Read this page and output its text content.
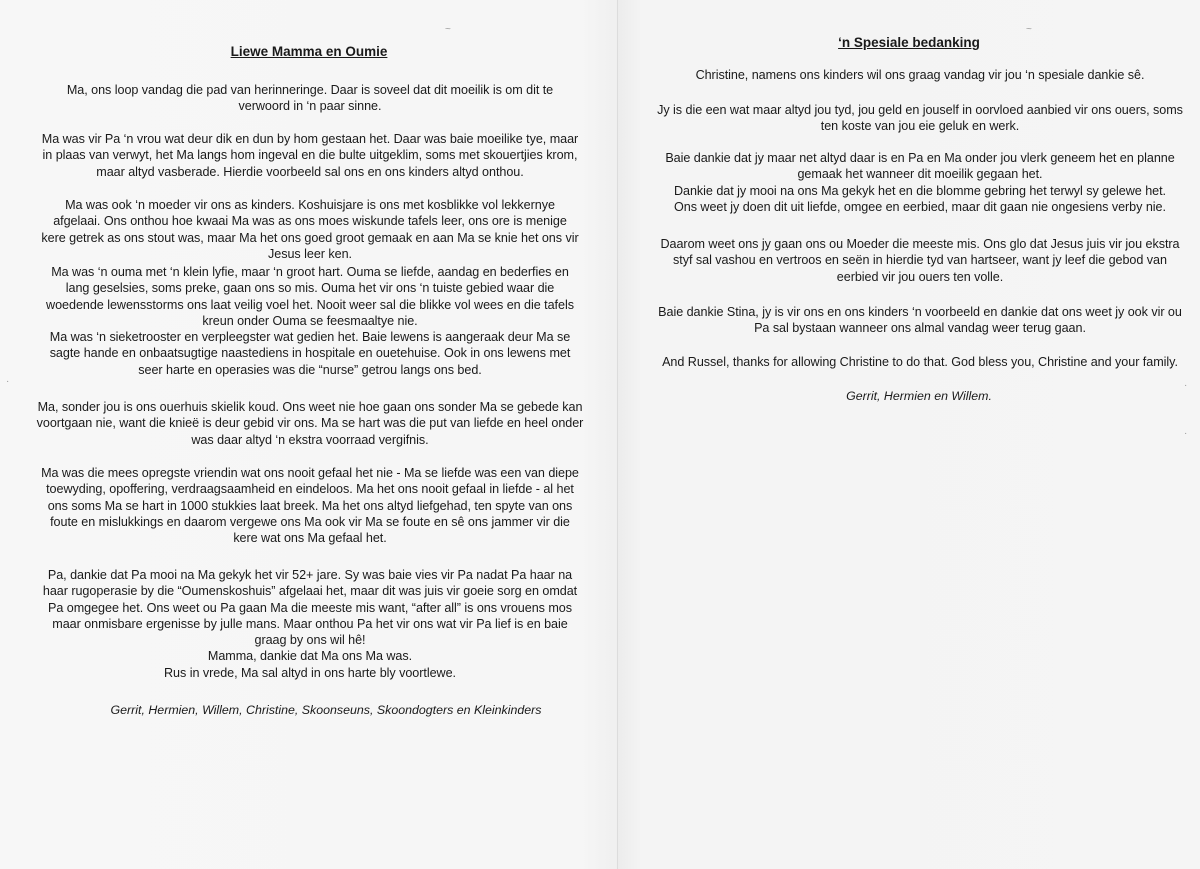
Liewe Mamma en Oumie
Ma, ons loop vandag die pad van herinneringe. Daar is soveel dat dit moeilik is om dit te verwoord in ‘n paar sinne.
Ma was vir Pa ‘n vrou wat deur dik en dun by hom gestaan het. Daar was baie moeilike tye, maar in plaas van verwyt, het Ma langs hom ingeval en die bulte uitgeklim, soms met skouertjies krom, maar altyd vasberade. Hierdie voorbeeld sal ons en ons kinders altyd onthou.
Ma was ook ‘n moeder vir ons as kinders. Koshuisjare is ons met kosblikke vol lekkernye afgelaai. Ons onthou hoe kwaai Ma was as ons moes wiskunde tafels leer, ons ore is menige kere getrek as ons stout was, maar Ma het ons goed groot gemaak en aan Ma se knie het ons vir Jesus leer ken.
Ma was ‘n ouma met ‘n klein lyfie, maar ‘n groot hart. Ouma se liefde, aandag en bederfies en lang geselsies, soms preke, gaan ons so mis. Ouma het vir ons ‘n tuiste gebied waar die woedende lewensstorms ons laat veilig voel het. Nooit weer sal die blikke vol wees en die tafels kreun onder Ouma se feesmaaltye nie.
Ma was ‘n sieketrooster en verpleegster wat gedien het. Baie lewens is aangeraak deur Ma se sagte hande en onbaatsugtige naastediens in hospitale en ouetehuise. Ook in ons lewens met seer harte en operasies was die “nurse” getrou langs ons bed.
Ma, sonder jou is ons ouerhuis skielik koud. Ons weet nie hoe gaan ons sonder Ma se gebede kan voortgaan nie, want die knieë is deur gebid vir ons. Ma se hart was die put van liefde en heel onder was daar altyd ‘n ekstra voorraad vergifnis.
Ma was die mees opregste vriendin wat ons nooit gefaal het nie - Ma se liefde was een van diepe toewyding, opoffering, verdraagsaamheid en eindeloos. Ma het ons nooit gefaal in liefde - al het ons soms Ma se hart in 1000 stukkies laat breek. Ma het ons altyd liefgehad, ten spyte van ons foute en mislukkings en daarom vergewe ons Ma ook vir Ma se foute en sê ons jammer vir die kere wat ons Ma gefaal het.
Pa, dankie dat Pa mooi na Ma gekyk het vir 52+ jare. Sy was baie vies vir Pa nadat Pa haar na haar rugoperasie by die “Oumenskoshuis” afgelaai het, maar dit was juis vir goeie sorg en omdat Pa omgegee het. Ons weet ou Pa gaan Ma die meeste mis want, “after all” is ons vrouens mos maar onmisbare ergenisse by julle mans. Maar onthou Pa het vir ons wat vir Pa lief is en baie graag by ons wil hê!
Mamma, dankie dat Ma ons Ma was.
Rus in vrede, Ma sal altyd in ons harte bly voortlewe.
Gerrit, Hermien, Willem, Christine, Skoonseuns, Skoondogters en Kleinkinders
~
·
‘n Spesiale bedanking
Christine, namens ons kinders wil ons graag vandag vir jou ‘n spesiale dankie sê.
Jy is die een wat maar altyd jou tyd, jou geld en jouself in oorvloed aanbied vir ons ouers, soms ten koste van jou eie geluk en werk.
Baie dankie dat jy maar net altyd daar is en Pa en Ma onder jou vlerk geneem het en planne gemaak het wanneer dit moeilik gegaan het.
Dankie dat jy mooi na ons Ma gekyk het en die blomme gebring het terwyl sy gelewe het.
Ons weet jy doen dit uit liefde, omgee en eerbied, maar dit gaan nie ongesiens verby nie.
Daarom weet ons jy gaan ons ou Moeder die meeste mis. Ons glo dat Jesus juis vir jou ekstra styf sal vashou en vertroos en seën in hierdie tyd van hartseer, want jy leef die gebod van eerbied vir jou ouers ten volle.
Baie dankie Stina, jy is vir ons en ons kinders ‘n voorbeeld en dankie dat ons weet jy ook vir ou Pa sal bystaan wanneer ons almal vandag weer terug gaan.
And Russel, thanks for allowing Christine to do that. God bless you, Christine and your family.
Gerrit, Hermien en Willem.
~
·
·
